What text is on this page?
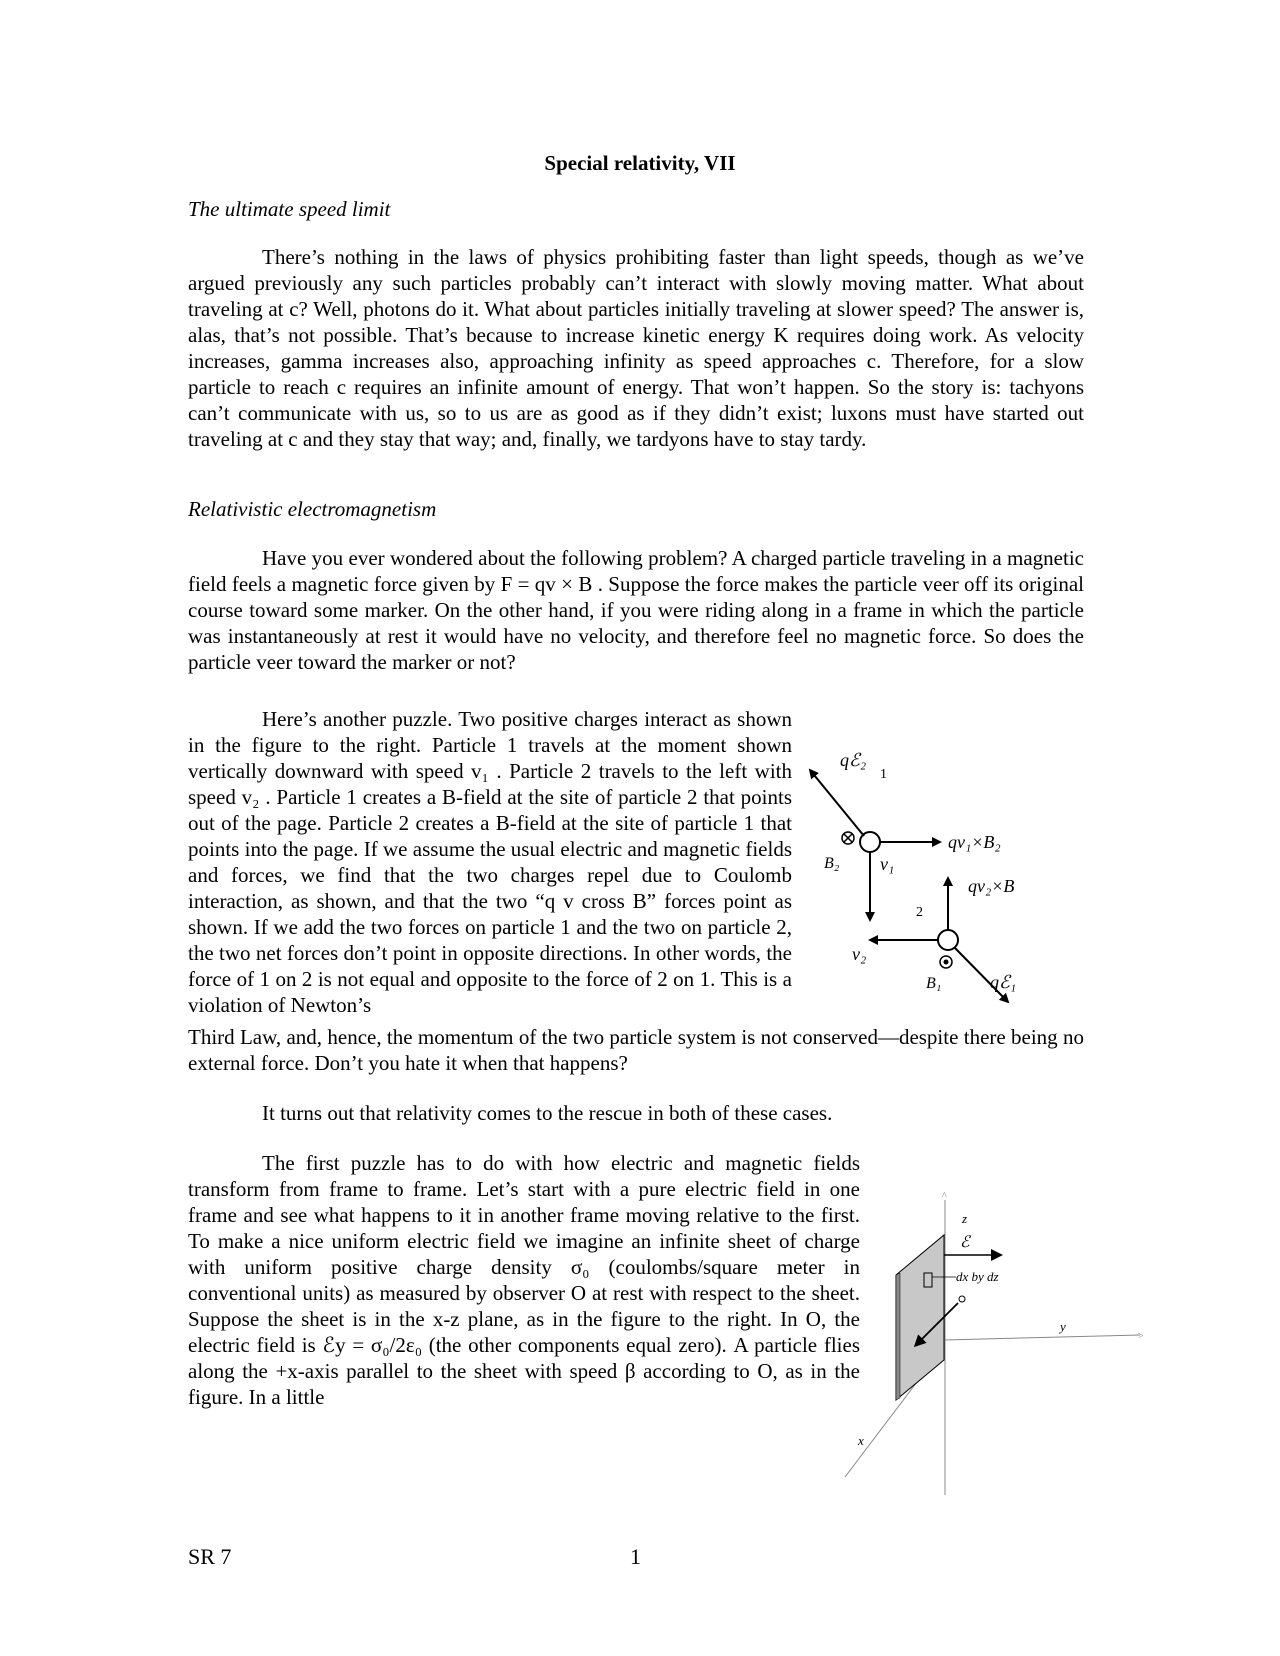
Special relativity, VII
The ultimate speed limit

There’s nothing in the laws of physics prohibiting faster than light speeds, though as we’ve argued previously any such particles probably can’t interact with slowly moving matter. What about traveling at c? Well, photons do it. What about particles initially traveling at slower speed? The answer is, alas, that’s not possible. That’s because to increase kinetic energy K requires doing work. As velocity increases, gamma increases also, approaching infinity as speed approaches c. Therefore, for a slow particle to reach c requires an infinite amount of energy. That won’t happen. So the story is: tachyons can’t communicate with us, so to us are as good as if they didn’t exist; luxons must have started out traveling at c and they stay that way; and, finally, we tardyons have to stay tardy.

Relativistic electromagnetism

Have you ever wondered about the following problem? A charged particle traveling in a magnetic field feels a magnetic force given by F = qv × B . Suppose the force makes the particle veer off its original course toward some marker. On the other hand, if you were riding along in a frame in which the particle was instantaneously at rest it would have no velocity, and therefore feel no magnetic force. So does the particle veer toward the marker or not?

Here’s another puzzle. Two positive charges interact as shown in the figure to the right. Particle 1 travels at the moment shown vertically downward with speed v₁ . Particle 2 travels to the left with speed v₂ . Particle 1 creates a B-field at the site of particle 2 that points out of the page. Particle 2 creates a B-field at the site of particle 1 that points into the page. If we assume the usual electric and magnetic fields and forces, we find that the two charges repel due to Coulomb interaction, as shown, and that the two “q v cross B” forces point as shown. If we add the two forces on particle 1 and the two on particle 2, the two net forces don’t point in opposite directions. In other words, the force of 1 on 2 is not equal and opposite to the force of 2 on 1. This is a violation of Newton’s

Third Law, and, hence, the momentum of the two particle system is not conserved—despite there being no external force. Don’t you hate it when that happens?

It turns out that relativity comes to the rescue in both of these cases.

The first puzzle has to do with how electric and magnetic fields transform from frame to frame. Let’s start with a pure electric field in one frame and see what happens to it in another frame moving relative to the first. To make a nice uniform electric field we imagine an infinite sheet of charge with uniform positive charge density σ₀ (coulombs/square meter in conventional units) as measured by observer O at rest with respect to the sheet. Suppose the sheet is in the x-z plane, as in the figure to the right. In O, the electric field is ℰy = σ₀/2ε₀ (the other components equal zero). A particle flies along the +x-axis parallel to the sheet with speed β according to O, as in the figure. In a little

qℰ₂
1
qv₁×B₂
B₂ v₁
qv₂×B
2
v₂
B₁	qℰ₁
^
z
y
>
x
ℰ
dx by dz
SR 7	1
